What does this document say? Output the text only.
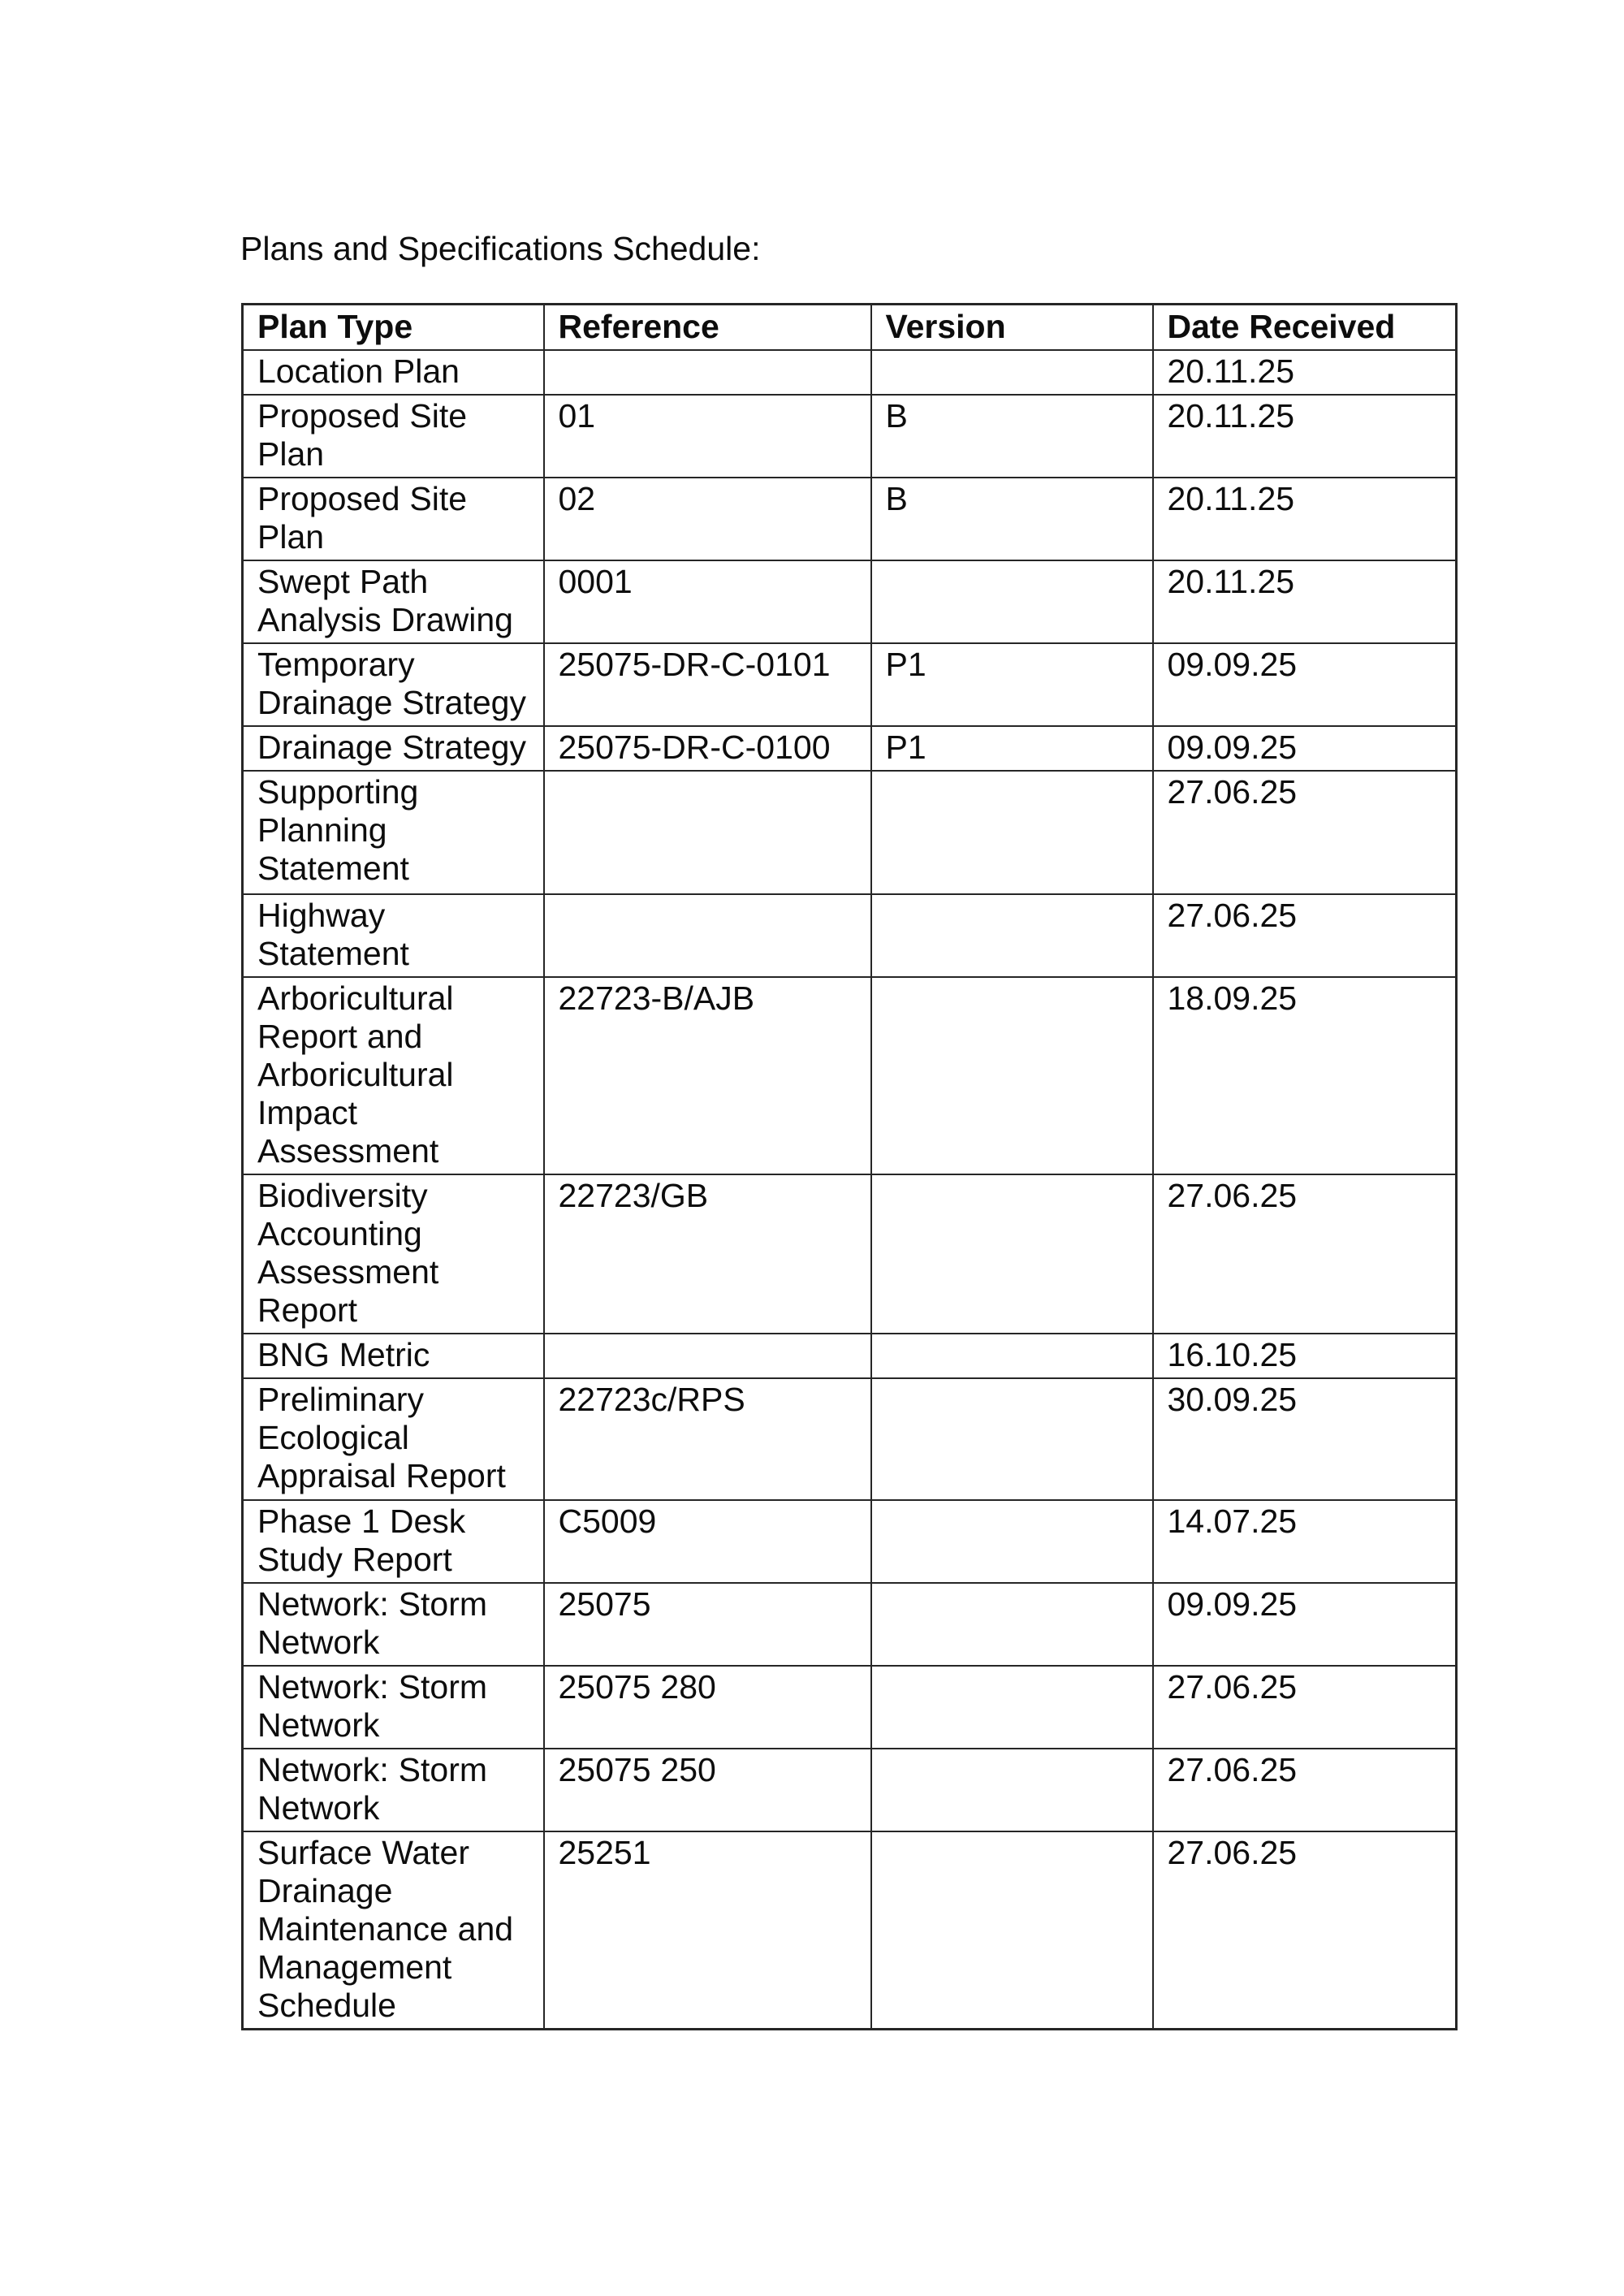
Plans and Specifications Schedule:
Plan Type	Reference	Version	Date Received
Location Plan			20.11.25
Proposed Site Plan	01	B	20.11.25
Proposed Site Plan	02	B	20.11.25
Swept Path Analysis Drawing	0001		20.11.25
Temporary Drainage Strategy	25075-DR-C-0101	P1	09.09.25
Drainage Strategy	25075-DR-C-0100	P1	09.09.25
Supporting Planning Statement			27.06.25
Highway Statement			27.06.25
Arboricultural Report and Arboricultural Impact Assessment	22723-B/AJB		18.09.25
Biodiversity Accounting Assessment Report	22723/GB		27.06.25
BNG Metric			16.10.25
Preliminary Ecological Appraisal Report	22723c/RPS		30.09.25
Phase 1 Desk Study Report	C5009		14.07.25
Network: Storm Network	25075		09.09.25
Network: Storm Network	25075 280		27.06.25
Network: Storm Network	25075 250		27.06.25
Surface Water Drainage Maintenance and Management Schedule	25251		27.06.25
